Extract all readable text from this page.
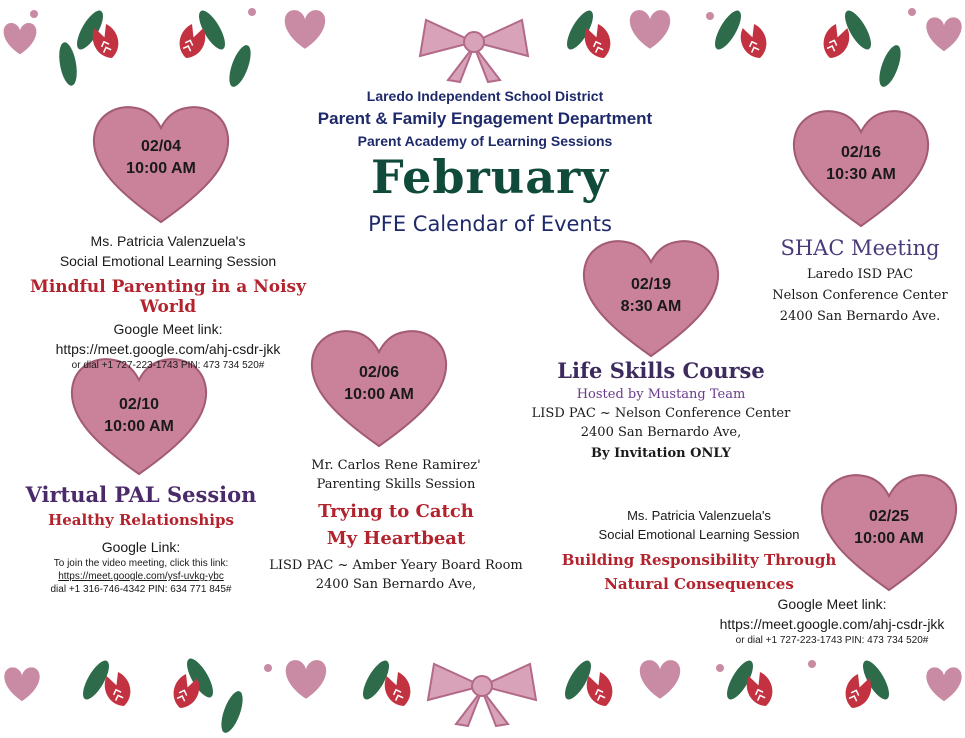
Laredo Independent School District
Parent & Family Engagement Department
Parent Academy of Learning Sessions
February
PFE Calendar of Events
02/04
10:00 AM
02/10
10:00 AM
02/06
10:00 AM
02/19
8:30 AM
02/16
10:30 AM
02/25
10:00 AM
Ms. Patricia Valenzuela's
Social Emotional Learning Session
Mindful Parenting in a Noisy World
Google Meet link:
https://meet.google.com/ahj-csdr-jkk
or dial +1 727-223-1743 PIN: 473 734 520#
Virtual PAL Session
Healthy Relationships
Google Link:
To join the video meeting, click this link:
https://meet.google.com/ysf-uvkg-ybc
dial +1 316-746-4342 PIN: 634 771 845#
Mr. Carlos Rene Ramirez'
Parenting Skills Session
Trying to Catch
My Heartbeat
LISD PAC ~ Amber Yeary Board Room
2400 San Bernardo Ave,
Life Skills Course
Hosted by Mustang Team
LISD PAC ~ Nelson Conference Center
2400 San Bernardo Ave,
By Invitation ONLY
SHAC Meeting
Laredo ISD PAC
Nelson Conference Center
2400 San Bernardo Ave.
Ms. Patricia Valenzuela's
Social Emotional Learning Session
Building Responsibility Through
Natural Consequences
Google Meet link:
https://meet.google.com/ahj-csdr-jkk
or dial +1 727-223-1743 PIN: 473 734 520#
